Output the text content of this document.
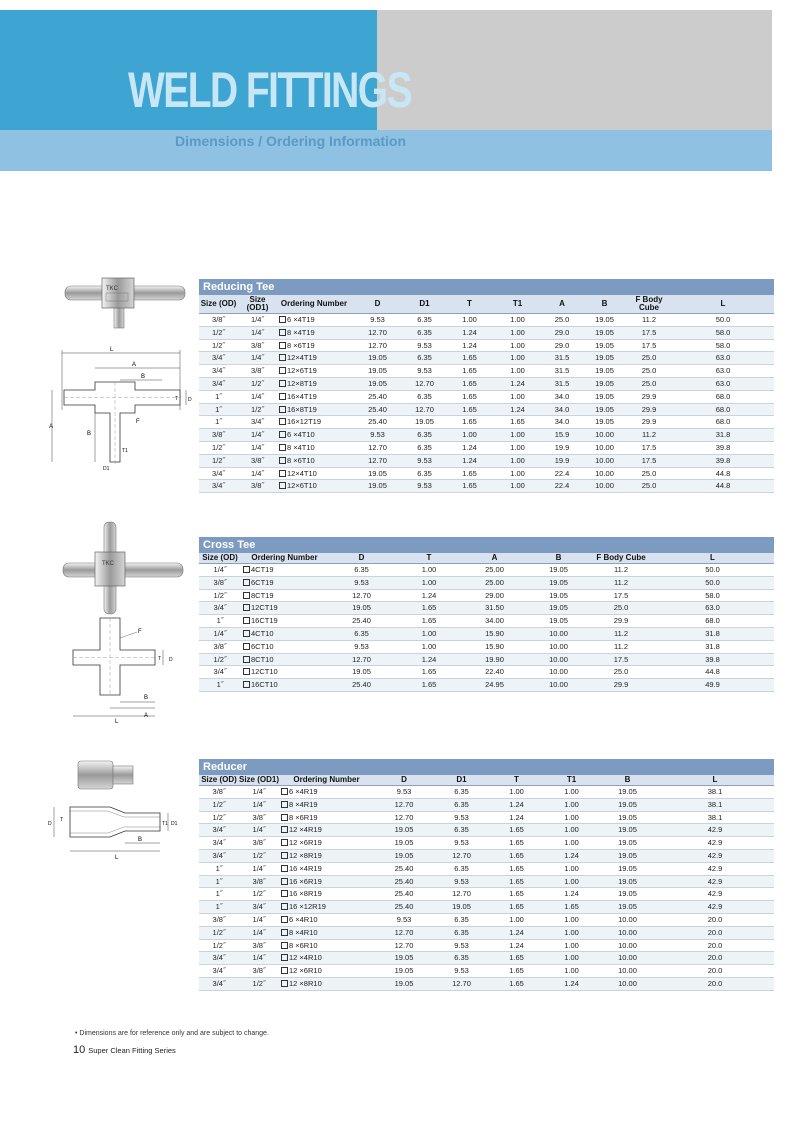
WELD FITTINGS
Dimensions / Ordering Information
TKC
L
A
B
T D
A
B
F
T1
D1
TKC
F
T D
B
A
L
D
T
T1 D1
B
L
Reducing Tee
Size (OD)	Size (OD1)	Ordering Number	D	D1	T	T1	A	B	F Body Cube	L
3/8˝	1/4˝	6 ×4T19	9.53	6.35	1.00	1.00	25.0	19.05	11.2	50.0
1/2˝	1/4˝	8 ×4T19	12.70	6.35	1.24	1.00	29.0	19.05	17.5	58.0
1/2˝	3/8˝	8 ×6T19	12.70	9.53	1.24	1.00	29.0	19.05	17.5	58.0
3/4˝	1/4˝	12×4T19	19.05	6.35	1.65	1.00	31.5	19.05	25.0	63.0
3/4˝	3/8˝	12×6T19	19.05	9.53	1.65	1.00	31.5	19.05	25.0	63.0
3/4˝	1/2˝	12×8T19	19.05	12.70	1.65	1.24	31.5	19.05	25.0	63.0
1˝	1/4˝	16×4T19	25.40	6.35	1.65	1.00	34.0	19.05	29.9	68.0
1˝	1/2˝	16×8T19	25.40	12.70	1.65	1.24	34.0	19.05	29.9	68.0
1˝	3/4˝	16×12T19	25.40	19.05	1.65	1.65	34.0	19.05	29.9	68.0
3/8˝	1/4˝	6 ×4T10	9.53	6.35	1.00	1.00	15.9	10.00	11.2	31.8
1/2˝	1/4˝	8 ×4T10	12.70	6.35	1.24	1.00	19.9	10.00	17.5	39.8
1/2˝	3/8˝	8 ×6T10	12.70	9.53	1.24	1.00	19.9	10.00	17.5	39.8
3/4˝	1/4˝	12×4T10	19.05	6.35	1.65	1.00	22.4	10.00	25.0	44.8
3/4˝	3/8˝	12×6T10	19.05	9.53	1.65	1.00	22.4	10.00	25.0	44.8
Cross Tee
Size (OD)	Ordering Number	D	T	A	B	F Body Cube	L
1/4˝	4CT19	6.35	1.00	25.00	19.05	11.2	50.0
3/8˝	6CT19	9.53	1.00	25.00	19.05	11.2	50.0
1/2˝	8CT19	12.70	1.24	29.00	19.05	17.5	58.0
3/4˝	12CT19	19.05	1.65	31.50	19.05	25.0	63.0
1˝	16CT19	25.40	1.65	34.00	19.05	29.9	68.0
1/4˝	4CT10	6.35	1.00	15.90	10.00	11.2	31.8
3/8˝	6CT10	9.53	1.00	15.90	10.00	11.2	31.8
1/2˝	8CT10	12.70	1.24	19.90	10.00	17.5	39.8
3/4˝	12CT10	19.05	1.65	22.40	10.00	25.0	44.8
1˝	16CT10	25.40	1.65	24.95	10.00	29.9	49.9
Reducer
Size (OD)	Size (OD1)	Ordering Number	D	D1	T	T1	B	L
3/8˝	1/4˝	6 ×4R19	9.53	6.35	1.00	1.00	19.05	38.1
1/2˝	1/4˝	8 ×4R19	12.70	6.35	1.24	1.00	19.05	38.1
1/2˝	3/8˝	8 ×6R19	12.70	9.53	1.24	1.00	19.05	38.1
3/4˝	1/4˝	12 ×4R19	19.05	6.35	1.65	1.00	19.05	42.9
3/4˝	3/8˝	12 ×6R19	19.05	9.53	1.65	1.00	19.05	42.9
3/4˝	1/2˝	12 ×8R19	19.05	12.70	1.65	1.24	19.05	42.9
1˝	1/4˝	16 ×4R19	25.40	6.35	1.65	1.00	19.05	42.9
1˝	3/8˝	16 ×6R19	25.40	9.53	1.65	1.00	19.05	42.9
1˝	1/2˝	16 ×8R19	25.40	12.70	1.65	1.24	19.05	42.9
1˝	3/4˝	16 ×12R19	25.40	19.05	1.65	1.65	19.05	42.9
3/8˝	1/4˝	6 ×4R10	9.53	6.35	1.00	1.00	10.00	20.0
1/2˝	1/4˝	8 ×4R10	12.70	6.35	1.24	1.00	10.00	20.0
1/2˝	3/8˝	8 ×6R10	12.70	9.53	1.24	1.00	10.00	20.0
3/4˝	1/4˝	12 ×4R10	19.05	6.35	1.65	1.00	10.00	20.0
3/4˝	3/8˝	12 ×6R10	19.05	9.53	1.65	1.00	10.00	20.0
3/4˝	1/2˝	12 ×8R10	19.05	12.70	1.65	1.24	10.00	20.0
• Dimensions are for reference only and are subject to change.
10 Super Clean Fitting Series
